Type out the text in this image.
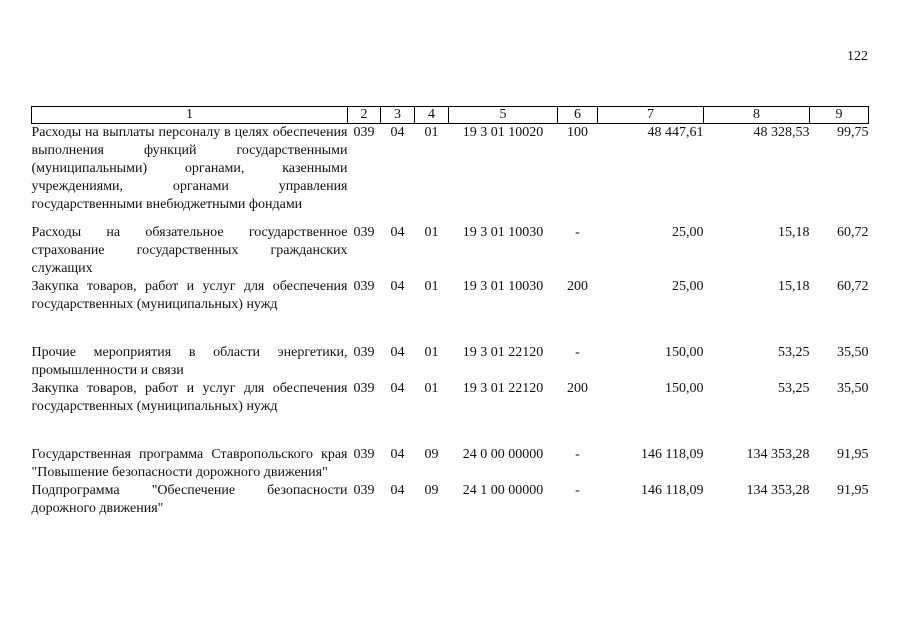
122
1	2	3	4	5	6	7	8	9
Расходы на выплаты персоналу в целях обеспечения выполнения функций государственными (муниципальными) органами, казенными учреждениями, органами управления государственными внебюджетными фондами	039	04	01	19 3 01 10020	100	48 447,61	48 328,53	99,75
Расходы на обязательное государственное страхование государственных гражданских служащих	039	04	01	19 3 01 10030	-	25,00	15,18	60,72
Закупка товаров, работ и услуг для обеспечения государственных (муниципальных) нужд	039	04	01	19 3 01 10030	200	25,00	15,18	60,72
Прочие мероприятия в области энергетики, промышленности и связи	039	04	01	19 3 01 22120	-	150,00	53,25	35,50
Закупка товаров, работ и услуг для обеспечения государственных (муниципальных) нужд	039	04	01	19 3 01 22120	200	150,00	53,25	35,50
Государственная программа Ставропольского края "Повышение безопасности дорожного движения"	039	04	09	24 0 00 00000	-	146 118,09	134 353,28	91,95
Подпрограмма "Обеспечение безопасности дорожного движения"	039	04	09	24 1 00 00000	-	146 118,09	134 353,28	91,95
